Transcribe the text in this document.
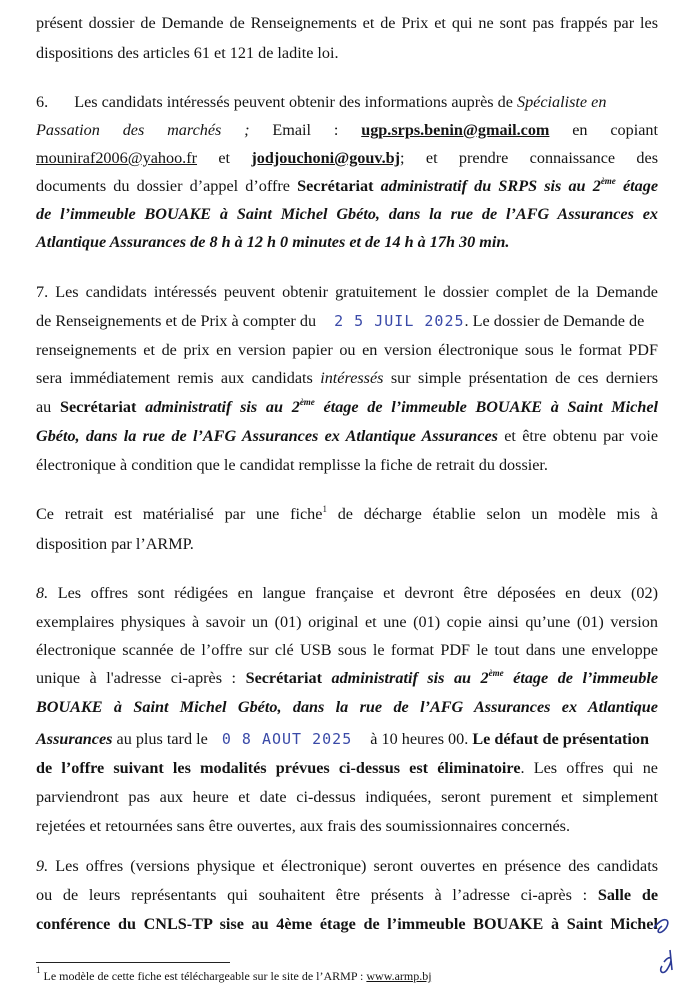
présent dossier de Demande de Renseignements et de Prix et qui ne sont pas frappés par les
dispositions des articles 61 et 121 de ladite loi.
6. Les candidats intéressés peuvent obtenir des informations auprès de Spécialiste en
Passation des marchés ; Email : ugp.srps.benin@gmail.com en copiant
mouniraf2006@yahoo.fr et jodjouchoni@gouv.bj; et prendre connaissance des
documents du dossier d’appel d’offre Secrétariat administratif du SRPS sis au 2ème étage
de l’immeuble BOUAKE à Saint Michel Gbéto, dans la rue de l’AFG Assurances ex
Atlantique Assurances de 8 h à 12 h 0 minutes et de 14 h à 17h 30 min.
7. Les candidats intéressés peuvent obtenir gratuitement le dossier complet de la Demande
de Renseignements et de Prix à compter du 2 5 JUIL 2025. Le dossier de Demande de
renseignements et de prix en version papier ou en version électronique sous le format PDF
sera immédiatement remis aux candidats intéressés sur simple présentation de ces derniers
au Secrétariat administratif sis au 2ème étage de l’immeuble BOUAKE à Saint Michel
Gbéto, dans la rue de l’AFG Assurances ex Atlantique Assurances et être obtenu par voie
électronique à condition que le candidat remplisse la fiche de retrait du dossier.
Ce retrait est matérialisé par une fiche$^1$ de décharge établie selon un modèle mis à
disposition par l’ARMP.
8. Les offres sont rédigées en langue française et devront être déposées en deux (02)
exemplaires physiques à savoir un (01) original et une (01) copie ainsi qu’une (01) version
électronique scannée de l’offre sur clé USB sous le format PDF le tout dans une enveloppe
unique à l'adresse ci-après : Secrétariat administratif sis au 2ème étage de l’immeuble
BOUAKE à Saint Michel Gbéto, dans la rue de l’AFG Assurances ex Atlantique
Assurances au plus tard le 0 8 AOUT 2025 à 10 heures 00. Le défaut de présentation
de l’offre suivant les modalités prévues ci-dessus est éliminatoire. Les offres qui ne
parviendront pas aux heure et date ci-dessus indiquées, seront purement et simplement
rejetées et retournées sans être ouvertes, aux frais des soumissionnaires concernés.
9. Les offres (versions physique et électronique) seront ouvertes en présence des candidats
ou de leurs représentants qui souhaitent être présents à l’adresse ci-après : Salle de
conférence du CNLS-TP sise au 4ème étage de l’immeuble BOUAKE à Saint Michel
$^1$ Le modèle de cette fiche est téléchargeable sur le site de l’ARMP : www.armp.bj
